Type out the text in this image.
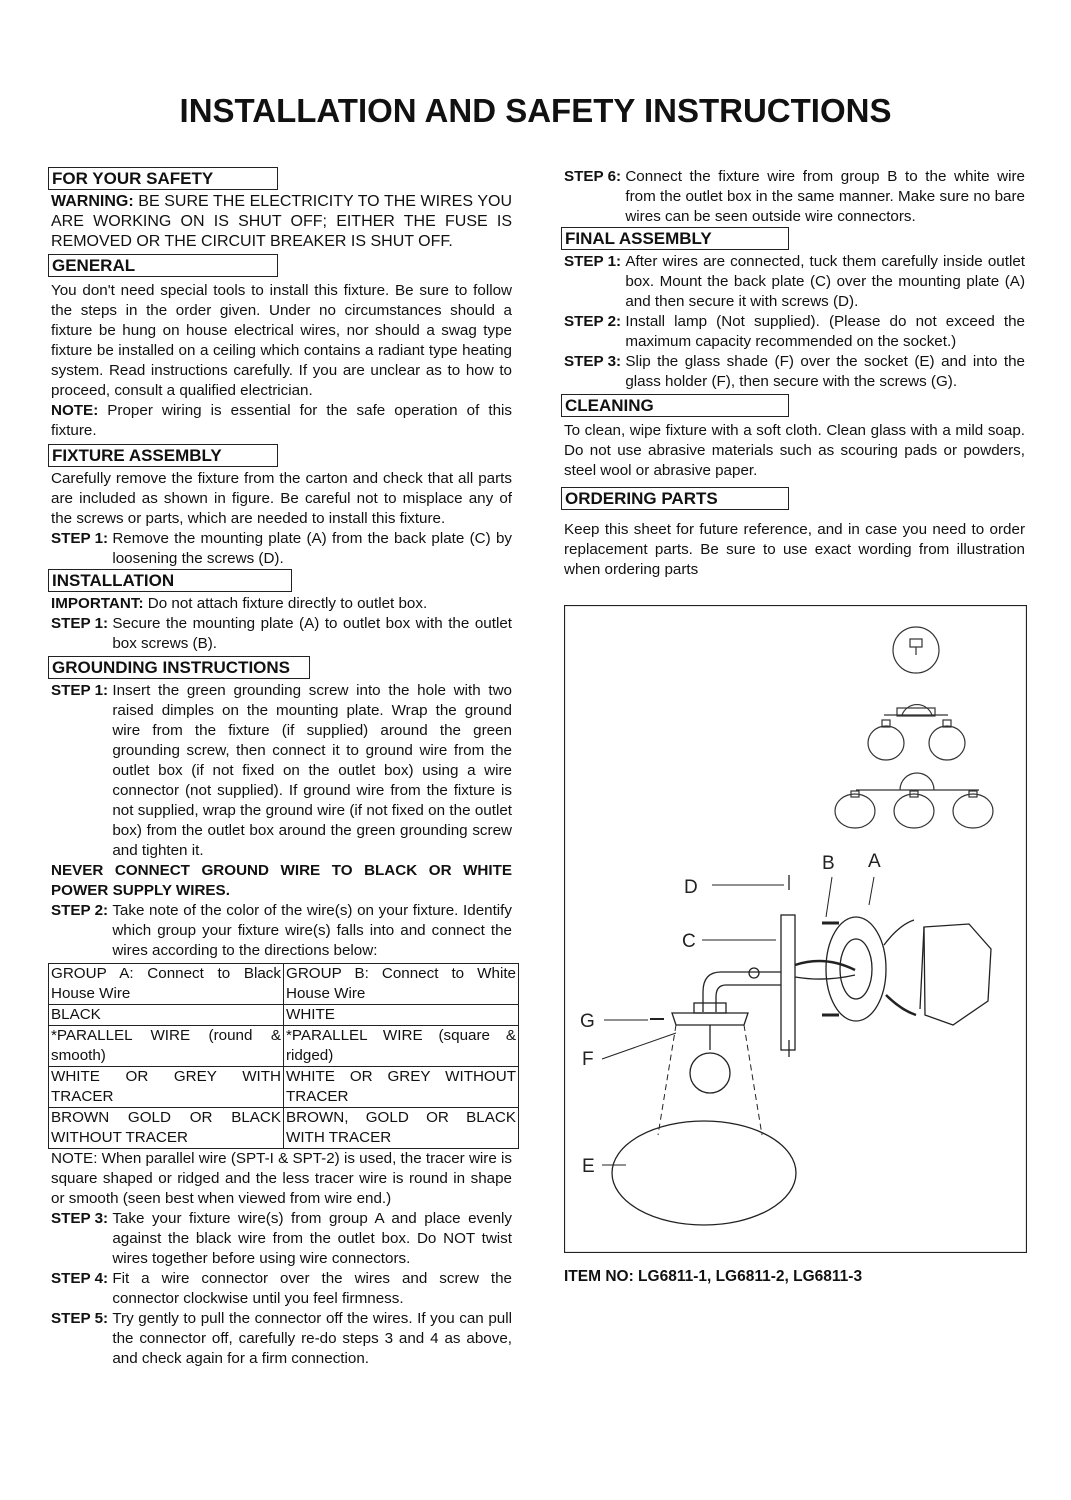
INSTALLATION AND SAFETY INSTRUCTIONS
FOR YOUR SAFETY

WARNING: BE SURE THE ELECTRICITY TO THE WIRES YOU ARE WORKING ON IS SHUT OFF; EITHER THE FUSE IS REMOVED OR THE CIRCUIT BREAKER IS SHUT OFF.

GENERAL

You don't need special tools to install this fixture. Be sure to follow the steps in the order given. Under no circumstances should a fixture be hung on house electrical wires, nor should a swag type fixture be installed on a ceiling which contains a radiant type heating system. Read instructions carefully. If you are unclear as to how to proceed, consult a qualified electrician.

NOTE: Proper wiring is essential for the safe operation of this fixture.

FIXTURE ASSEMBLY

Carefully remove the fixture from the carton and check that all parts are included as shown in figure. Be careful not to misplace any of the screws or parts, which are needed to install this fixture.

STEP 1: Remove the mounting plate (A) from the back plate (C) by loosening the screws (D).
INSTALLATION

IMPORTANT: Do not attach fixture directly to outlet box.

STEP 1: Secure the mounting plate (A) to outlet box with the outlet box screws (B).
GROUNDING INSTRUCTIONS
STEP 1: Insert the green grounding screw into the hole with two raised dimples on the mounting plate. Wrap the ground wire from the fixture (if supplied) around the green grounding screw, then connect it to ground wire from the outlet box (if not fixed on the outlet box) using a wire connector (not supplied). If ground wire from the fixture is not supplied, wrap the ground wire (if not fixed on the outlet box) from the outlet box around the green grounding screw and tighten it.

NEVER CONNECT GROUND WIRE TO BLACK OR WHITE POWER SUPPLY WIRES.

STEP 2: Take note of the color of the wire(s) on your fixture. Identify which group your fixture wire(s) falls into and connect the wires according to the directions below:
GROUP A: Connect to Black House Wire	GROUP B: Connect to White House Wire
BLACK	WHITE
*PARALLEL WIRE (round & smooth)	*PARALLEL WIRE (square & ridged)
WHITE OR GREY WITH TRACER	WHITE OR GREY WITHOUT TRACER
BROWN GOLD OR BLACK WITHOUT TRACER	BROWN, GOLD OR BLACK WITH TRACER

NOTE: When parallel wire (SPT-I & SPT-2) is used, the tracer wire is square shaped or ridged and the less tracer wire is round in shape or smooth (seen best when viewed from wire end.)

STEP 3: Take your fixture wire(s) from group A and place evenly against the black wire from the outlet box. Do NOT twist wires together before using wire connectors.
STEP 4: Fit a wire connector over the wires and screw the connector clockwise until you feel firmness.
STEP 5: Try gently to pull the connector off the wires. If you can pull the connector off, carefully re-do steps 3 and 4 as above, and check again for a firm connection.
STEP 6: Connect the fixture wire from group B to the white wire from the outlet box in the same manner. Make sure no bare wires can be seen outside wire connectors.
FINAL ASSEMBLY
STEP 1: After wires are connected, tuck them carefully inside outlet box. Mount the back plate (C) over the mounting plate (A) and then secure it with screws (D).
STEP 2: Install lamp (Not supplied). (Please do not exceed the maximum capacity recommended on the socket.)
STEP 3: Slip the glass shade (F) over the socket (E) and into the glass holder (F), then secure with the screws (G).
CLEANING

To clean, wipe fixture with a soft cloth. Clean glass with a mild soap. Do not use abrasive materials such as scouring pads or powders, steel wool or abrasive paper.

ORDERING PARTS

Keep this sheet for future reference, and in case you need to order replacement parts. Be sure to use exact wording from illustration when ordering parts

B A
D
C
G
F
E
ITEM NO: LG6811-1, LG6811-2, LG6811-3
